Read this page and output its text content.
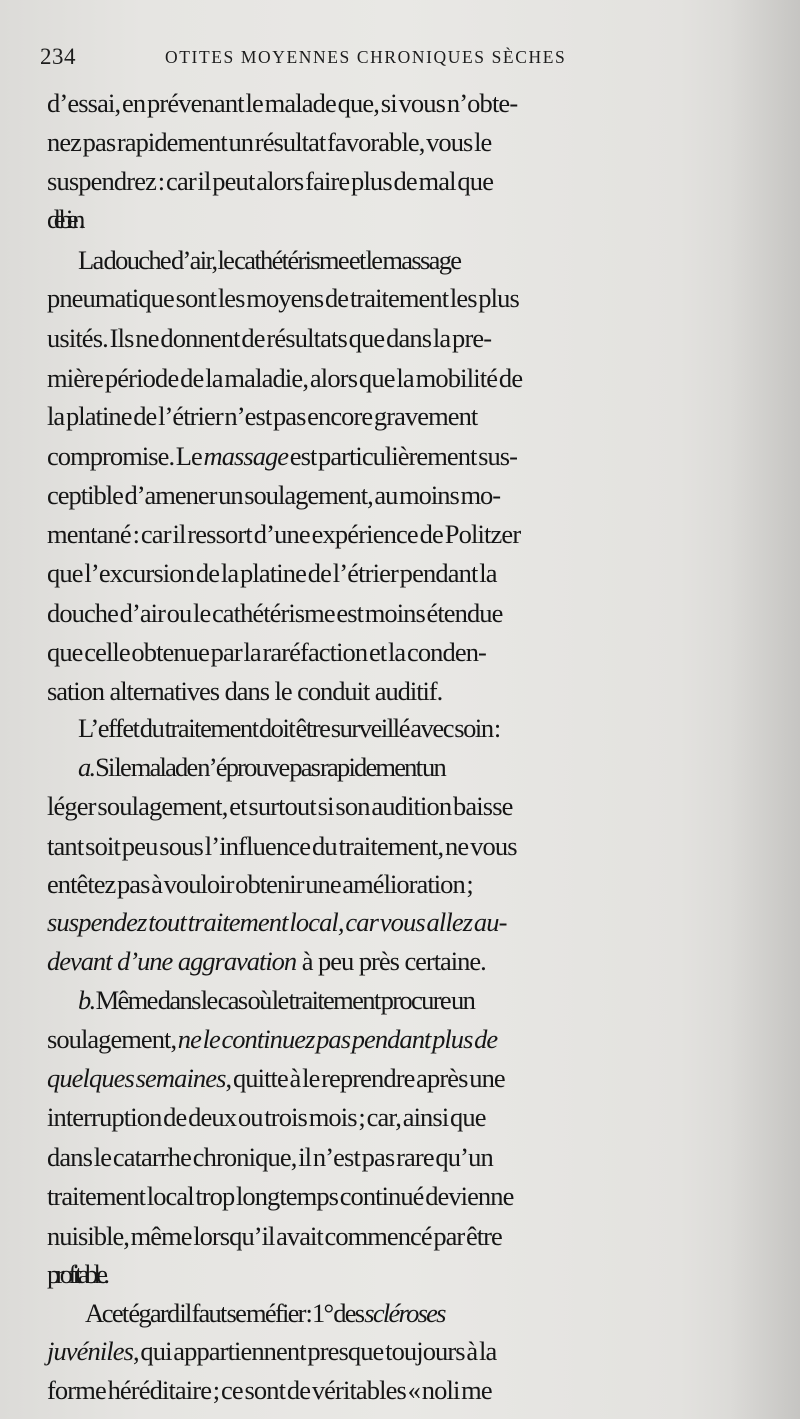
234	OTITES MOYENNES CHRONIQUES SÈCHES
d’essai, en prévenant le malade que, si vous n’obte-
nez pas rapidement un résultat favorable, vous le
suspendrez : car il peut alors faire plus de mal que
de bien.
La douche d’air, le cathétérisme et le massage
pneumatique sont les moyens de traitement les plus
usités. Ils ne donnent de résultats que dans la pre-
mière période de la maladie, alors que la mobilité de
la platine de l’étrier n’est pas encore gravement
compromise. Le massage est particulièrement sus-
ceptible d’amener un soulagement, au moins mo-
mentané : car il ressort d’une expérience de Politzer
que l’excursion de la platine de l’étrier pendant la
douche d’air ou le cathétérisme est moins étendue
que celle obtenue par la raréfaction et la conden-
sation alternatives dans le conduit auditif.
L’effet du traitement doit être surveillé avec soin :
a. Si le malade n’éprouve pas rapidement un
léger soulagement, et surtout si son audition baisse
tant soit peu sous l’influence du traitement, ne vous
entêtez pas à vouloir obtenir une amélioration ;
suspendez tout traitement local, car vous allez au-
devant d’une aggravation à peu près certaine.
b. Même dans le cas où le traitement procure un
soulagement, ne le continuez pas pendant plus de
quelques semaines, quitte à le reprendre après une
interruption de deux ou trois mois ; car, ainsi que
dans le catarrhe chronique, il n’est pas rare qu’un
traitement local trop longtemps continué devienne
nuisible, même lorsqu’il avait commencé par être
profitable.
A cet égard il faut se méfier : 1° des scléroses
juvéniles, qui appartiennent presque toujours à la
forme héréditaire ; ce sont de véritables « noli me
